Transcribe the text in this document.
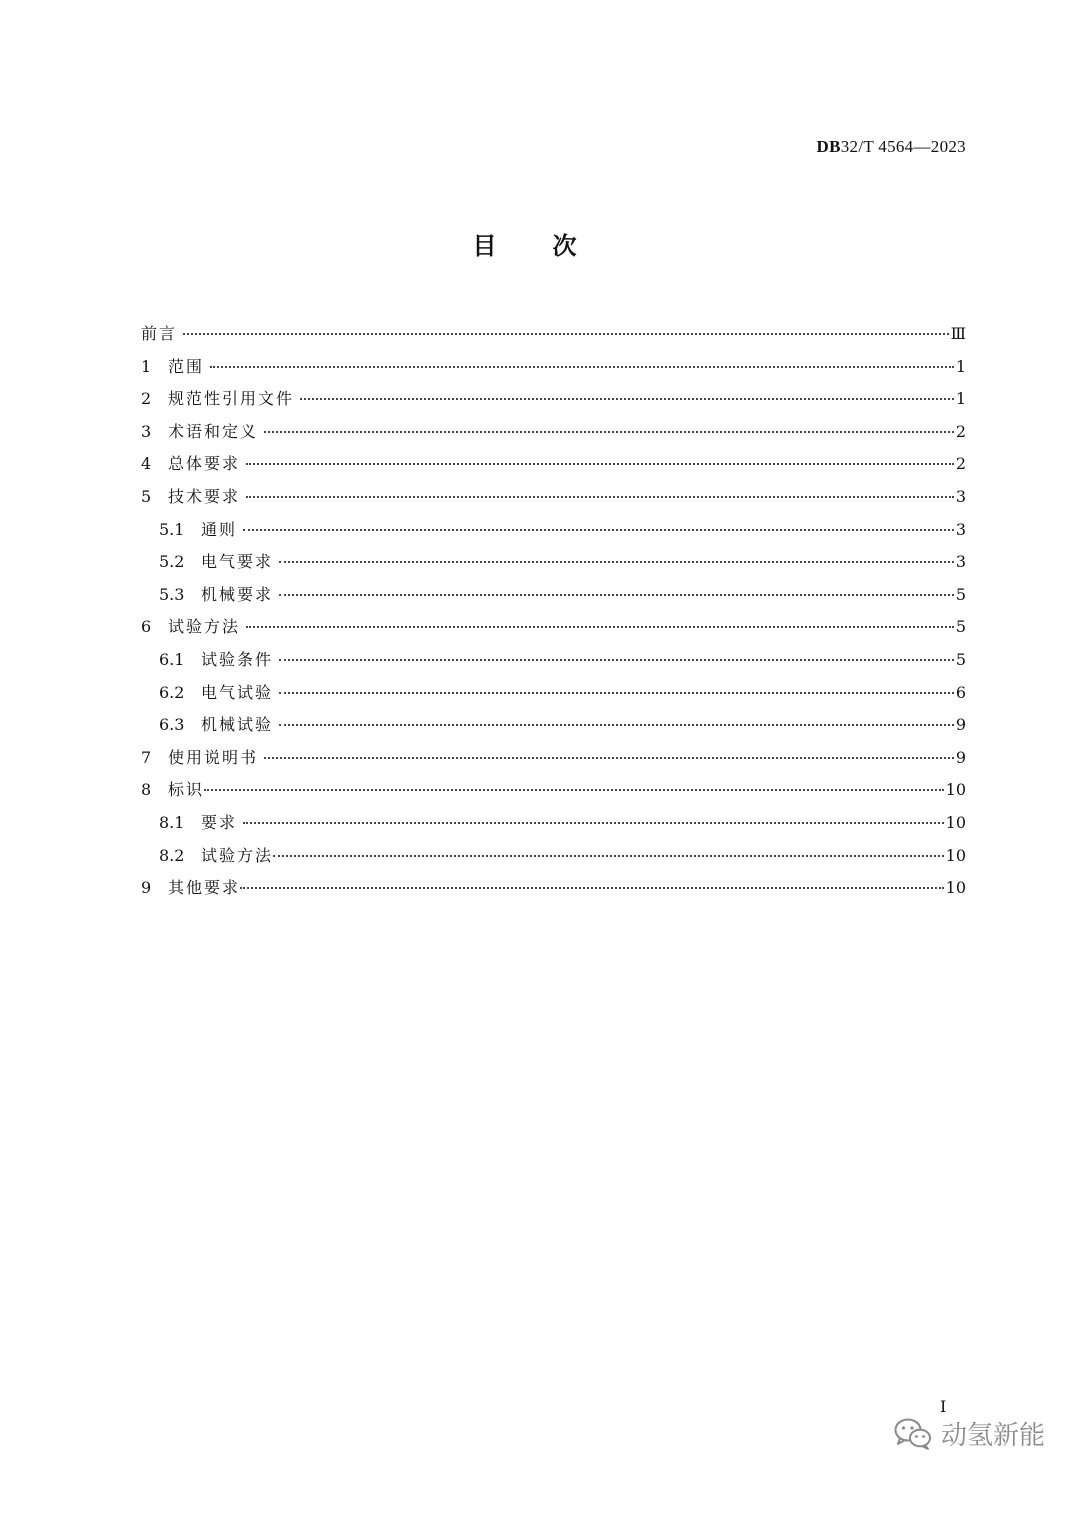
DB32/T 4564—2023
目次
前言	Ⅲ
1	范围	1
2	规范性引用文件	1
3	术语和定义	2
4	总体要求	2
5	技术要求	3
5.1	通则	3
5.2	电气要求	3
5.3	机械要求	5
6	试验方法	5
6.1	试验条件	5
6.2	电气试验	6
6.3	机械试验	9
7	使用说明书	9
8	标识	10
8.1	要求	10
8.2	试验方法	10
9	其他要求	10
I
动氢新能
